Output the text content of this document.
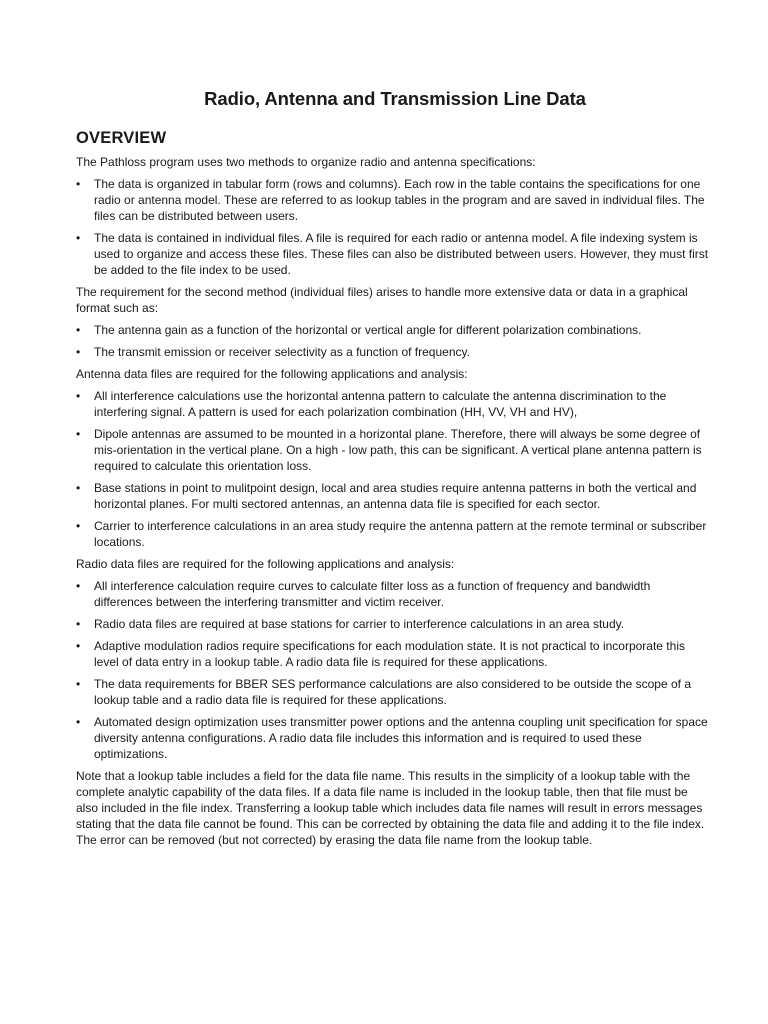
Radio, Antenna and Transmission Line Data
OVERVIEW

The Pathloss program uses two methods to organize radio and antenna specifications:

• The data is organized in tabular form (rows and columns). Each row in the table contains the specifications for one radio or antenna model. These are referred to as lookup tables in the program and are saved in individual files. The files can be distributed between users.
• The data is contained in individual files. A file is required for each radio or antenna model. A file indexing system is used to organize and access these files. These files can also be distributed between users. However, they must first be added to the file index to be used.

The requirement for the second method (individual files) arises to handle more extensive data or data in a graphical format such as:

• The antenna gain as a function of the horizontal or vertical angle for different polarization combinations.
• The transmit emission or receiver selectivity as a function of frequency.

Antenna data files are required for the following applications and analysis:

• All interference calculations use the horizontal antenna pattern to calculate the antenna discrimination to the interfering signal. A pattern is used for each polarization combination (HH, VV, VH and HV),
• Dipole antennas are assumed to be mounted in a horizontal plane. Therefore, there will always be some degree of mis-orientation in the vertical plane. On a high - low path, this can be significant. A vertical plane antenna pattern is required to calculate this orientation loss.
• Base stations in point to mulitpoint design, local and area studies require antenna patterns in both the vertical and horizontal planes. For multi sectored antennas, an antenna data file is specified for each sector.
• Carrier to interference calculations in an area study require the antenna pattern at the remote terminal or subscriber locations.

Radio data files are required for the following applications and analysis:

• All interference calculation require curves to calculate filter loss as a function of frequency and bandwidth differences between the interfering transmitter and victim receiver.
• Radio data files are required at base stations for carrier to interference calculations in an area study.
• Adaptive modulation radios require specifications for each modulation state. It is not practical to incorporate this level of data entry in a lookup table. A radio data file is required for these applications.
• The data requirements for BBER SES performance calculations are also considered to be outside the scope of a lookup table and a radio data file is required for these applications.
• Automated design optimization uses transmitter power options and the antenna coupling unit specification for space diversity antenna configurations. A radio data file includes this information and is required to used these optimizations.

Note that a lookup table includes a field for the data file name. This results in the simplicity of a lookup table with the complete analytic capability of the data files. If a data file name is included in the lookup table, then that file must be also included in the file index. Transferring a lookup table which includes data file names will result in errors messages stating that the data file cannot be found. This can be corrected by obtaining the data file and adding it to the file index. The error can be removed (but not corrected) by erasing the data file name from the lookup table.
